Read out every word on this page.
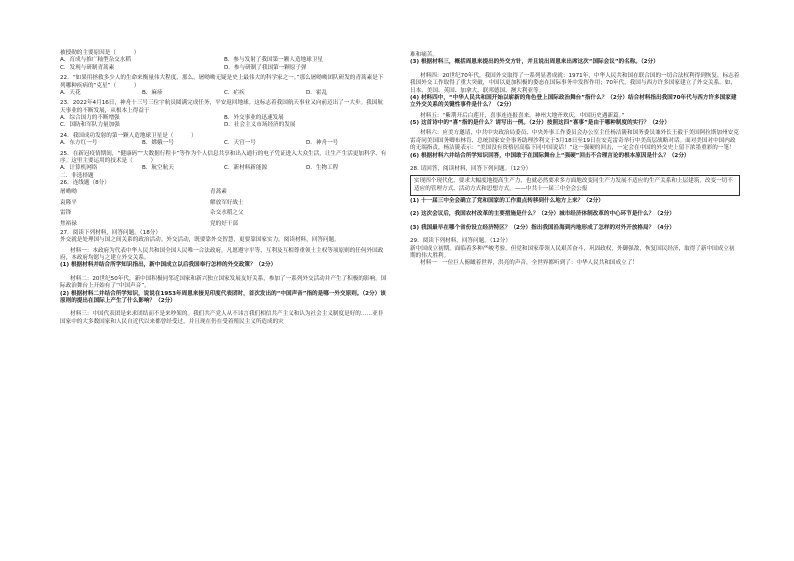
被授勋的主要原因是（          ）

A．育成与推广籼型杂交水稻	B．参与发射了我国第一颗人造地球卫星
C．发现与研制青蒿素	D．参与研制了我国第一颗原子弹

22．“如果用拯救多少人的生命来衡量伟大程度，那么，屠呦呦无疑是史上最伟大的科学家之一。”那么屠呦呦团队研发的青蒿素是下列哪种疾病的“克星”（          ）

A．天花	B．麻疹	C．疟疾	D．霍乱

23．2022年4月16日，神舟十三号三位宇航员圆满完成任务，平安返回地球。这标志着我国航天事业又向前迈出了一大步。我国航天事业的不断发展，从根本上得益于

A．综合国力的不断增强	B．外交事业的迅速发展
C．国防和军队力量加强	D．社会主义市场经济的发展

24．我国成功发射的第一颗人造地球卫星是（          ）

A．东方红一号	B．嫦娥一号	C．天宫一号	D．神舟一号

25．在新冠疫情期间，“健康码”“大数据行程卡”等作为个人信息共享和出入通行的电子凭证进入大众生活，让生产生活更加科学、有序。这里主要运用的技术是（          ）

A．计算机网络	B．航空航天	C．新材料新能源	D．生物工程

二．非选择题

26．连线题（8分）

屠呦呦	青蒿素
袁隆平	解放军好战士
雷锋	杂交水稻之父
焦裕禄	党的好干部

27．阅读下列材料，回答问题。（18分）

外交就是处理国与国之间关系的政治活动。外交活动，既要靠外交智慧，更要靠国家实力。阅读材料，回答问题。

材料一：本政府为代表中华人民共和国全国人民唯一合法政府。凡愿遵守平等、互利及互相尊重领土主权等项原则的任何外国政府，本政府均愿与之建立外交关系。

(1) 根据材料并结合所学知识指出，新中国成立以后我国奉行怎样的外交政策？（2分）

材料二：20世纪50年代，新中国积极同邻近国家和新兴独立国家发展友好关系，参加了一系列外交活动并产生了积极的影响。国际政治舞台上开始有了“中国声音”。

(2) 根据材料二并结合所学知识，说说在1953年周恩来接见印度代表团时，首次发出的“中国声音”指的是哪一外交原则。（2分）该原则的提出在国际上产生了什么影响？（2分）

材料三：中国代表团是来求团结而不是来吵架的。我们共产党人从不讳言我们相信共产主义和认为社会主义制度是好的……亚非国家中的大多数国家和人民自近代以来都曾经受过，并且现在仍在受着殖民主义所造成的灾

难和痛苦。

(3) 根据材料三，概括周恩来提出的外交方针，并且说出周恩来出席这次“国际会议”的名称。（2分）

材料四：20世纪70年代，我国外交取得了一系列显著成就：1971年，中华人民共和国在联合国的一切合法权利得到恢复，标志着我国外交工作取得了重大突破，中国以更加积极的姿态在国际事务中发挥作用；70年代，我国与西方许多国家建立了外交关系，如，日本、美国、英国、加拿大、联邦德国、澳大利亚等。

(4) 材料四中，“中华人民共和国开始以崭新的角色登上国际政治舞台”指什么？（2分）结合材料指出我国70年代与西方许多国家建立外交关系的关键性事件是什么？（2分）

材料五：“紫荆开后白莲开，喜事连连报喜来。神州大地齐欢庆，中国历史遇新篇。”

(5) 这首诗中的“喜”指的是什么？请写出一例。（2分）按照这四“喜事”是由于哪种制度的实行？（2分）

材料六：应美方邀请，中共中央政治局委员、中央外事工作委员会办公室主任杨洁篪和国务委员兼外长王毅于美国阿拉斯加州安克雷奇同美国国务卿布林肯、总统国家安全事务助理沙利文于3月18日至19日在安克雷奇举行中美高层战略对话。面对美国对中国内政的无端指责，杨洁篪表示：“美国没有资格居高临下同中国说话！”这一强硬的回击，一定会在中国的外交史上留下浓墨重彩的一笔！

(6) 根据材料六并结合所学知识回答，中国敢于在国际舞台上“强硬”回击不合理言论的根本原因是什么？（2分）

28. 请回答，阅读材料，回答下列问题。（12分）

实现四个现代化，要求大幅度地提高生产力，也就必然要求多方面地改变同生产力发展不适应的生产关系和上层建筑，改变一切不适应的管理方式、活动方式和思想方式。——中共十一届三中全会公报

(1) 十一届三中全会确立了党和国家的工作重点转移到什么地方上来？（2分）

(2) 这次会议后，我国农村改革的主要措施是什么？（2分）城市经济体制改革的中心环节是什么？（2分）

(3) 我国最早在哪个省份设立经济特区？（2分）指出我国沿海到内地形成了怎样的对外开放格局？（4分）

29．阅读下列材料，回答问题。（12分）

新中国成立初期，面临着多种严峻考验，但党和国家带领人民艰苦奋斗，巩固政权，外御强敌，恢复国民经济，取得了新中国成立初期的伟大胜利。

材料一   一位巨人俯瞰着世界，洪亮的声音，全世界都听到了：中华人民共和国成立了！
